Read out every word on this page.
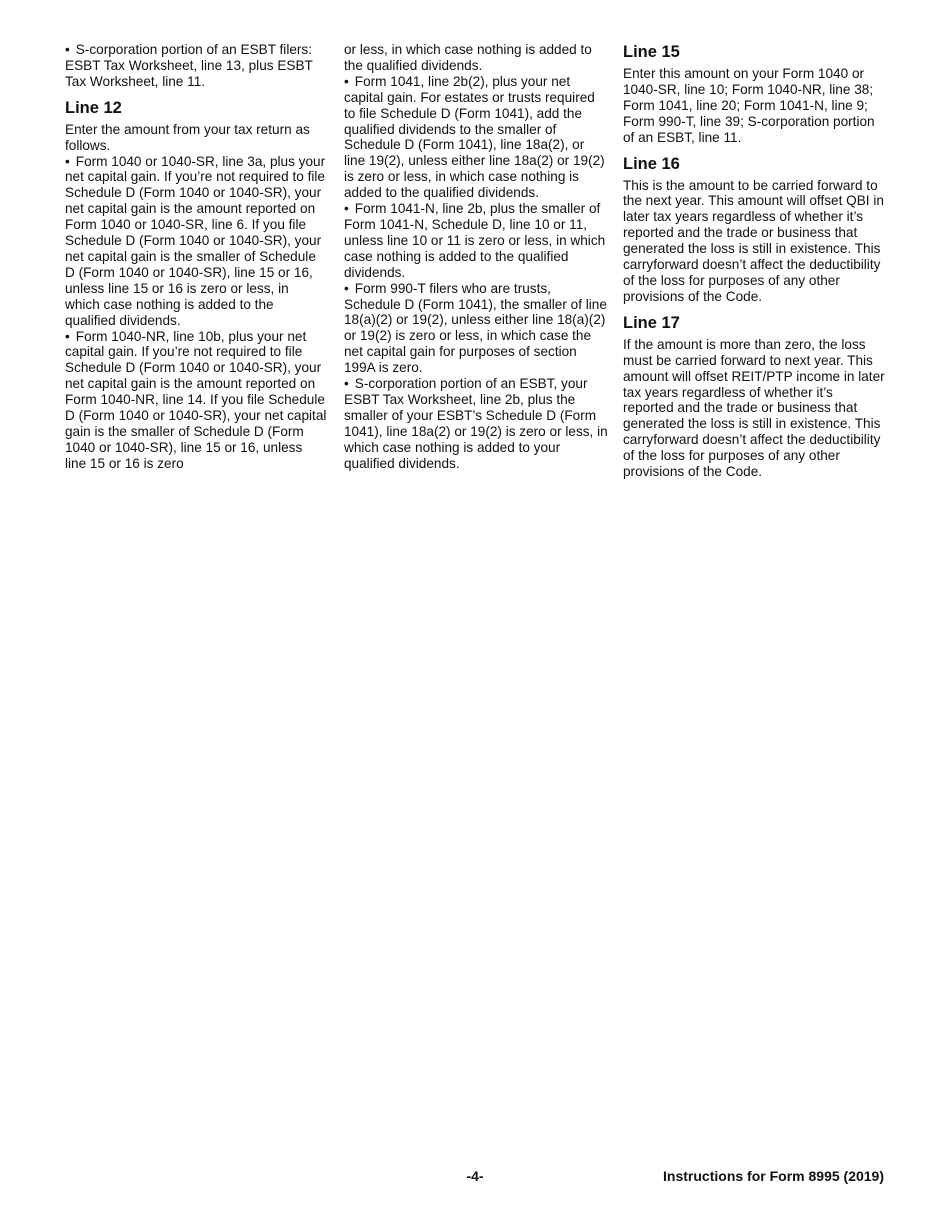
• S-corporation portion of an ESBT filers: ESBT Tax Worksheet, line 13, plus ESBT Tax Worksheet, line 11.

Line 12

Enter the amount from your tax return as follows.

• Form 1040 or 1040-SR, line 3a, plus your net capital gain. If you’re not required to file Schedule D (Form 1040 or 1040-SR), your net capital gain is the amount reported on Form 1040 or 1040-SR, line 6. If you file Schedule D (Form 1040 or 1040-SR), your net capital gain is the smaller of Schedule D (Form 1040 or 1040-SR), line 15 or 16, unless line 15 or 16 is zero or less, in which case nothing is added to the qualified dividends.

• Form 1040-NR, line 10b, plus your net capital gain. If you’re not required to file Schedule D (Form 1040 or 1040-SR), your net capital gain is the amount reported on Form 1040-NR, line 14. If you file Schedule D (Form 1040 or 1040-SR), your net capital gain is the smaller of Schedule D (Form 1040 or 1040-SR), line 15 or 16, unless line 15 or 16 is zero

or less, in which case nothing is added to the qualified dividends.

• Form 1041, line 2b(2), plus your net capital gain. For estates or trusts required to file Schedule D (Form 1041), add the qualified dividends to the smaller of Schedule D (Form 1041), line 18a(2), or line 19(2), unless either line 18a(2) or 19(2) is zero or less, in which case nothing is added to the qualified dividends.

• Form 1041-N, line 2b, plus the smaller of Form 1041-N, Schedule D, line 10 or 11, unless line 10 or 11 is zero or less, in which case nothing is added to the qualified dividends.

• Form 990-T filers who are trusts, Schedule D (Form 1041), the smaller of line 18(a)(2) or 19(2), unless either line 18(a)(2) or 19(2) is zero or less, in which case the net capital gain for purposes of section 199A is zero.

• S-corporation portion of an ESBT, your ESBT Tax Worksheet, line 2b, plus the smaller of your ESBT’s Schedule D (Form 1041), line 18a(2) or 19(2) is zero or less, in which case nothing is added to your qualified dividends.

Line 15

Enter this amount on your Form 1040 or 1040-SR, line 10; Form 1040-NR, line 38; Form 1041, line 20; Form 1041-N, line 9; Form 990-T, line 39; S-corporation portion of an ESBT, line 11.

Line 16

This is the amount to be carried forward to the next year. This amount will offset QBI in later tax years regardless of whether it’s reported and the trade or business that generated the loss is still in existence. This carryforward doesn’t affect the deductibility of the loss for purposes of any other provisions of the Code.

Line 17

If the amount is more than zero, the loss must be carried forward to next year. This amount will offset REIT/PTP income in later tax years regardless of whether it’s reported and the trade or business that generated the loss is still in existence. This carryforward doesn’t affect the deductibility of the loss for purposes of any other provisions of the Code.

-4-	Instructions for Form 8995 (2019)
